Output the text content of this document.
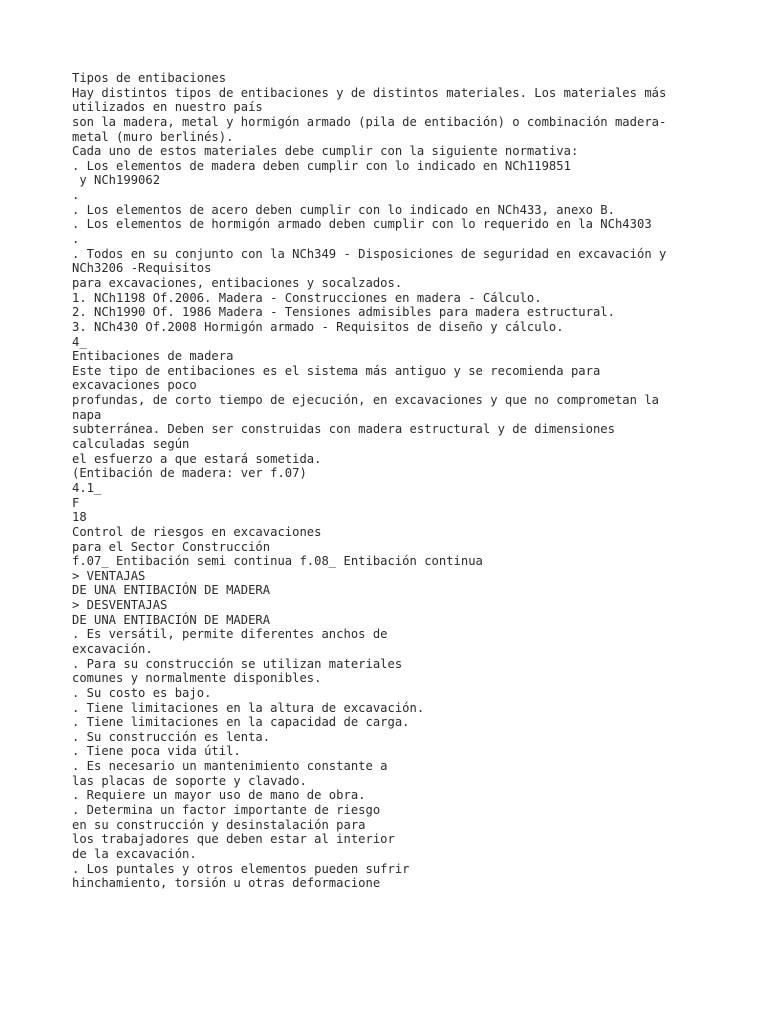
Tipos de entibaciones
Hay distintos tipos de entibaciones y de distintos materiales. Los materiales más
utilizados en nuestro país
son la madera, metal y hormigón armado (pila de entibación) o combinación madera-
metal (muro berlinés).
Cada uno de estos materiales debe cumplir con la siguiente normativa:
. Los elementos de madera deben cumplir con lo indicado en NCh119851
y NCh199062
.
. Los elementos de acero deben cumplir con lo indicado en NCh433, anexo B.
. Los elementos de hormigón armado deben cumplir con lo requerido en la NCh4303
.
. Todos en su conjunto con la NCh349 - Disposiciones de seguridad en excavación y
NCh3206 -Requisitos
para excavaciones, entibaciones y socalzados.
1. NCh1198 Of.2006. Madera - Construcciones en madera - Cálculo.
2. NCh1990 Of. 1986 Madera - Tensiones admisibles para madera estructural.
3. NCh430 Of.2008 Hormigón armado - Requisitos de diseño y cálculo.
4_
Entibaciones de madera
Este tipo de entibaciones es el sistema más antiguo y se recomienda para
excavaciones poco
profundas, de corto tiempo de ejecución, en excavaciones y que no comprometan la
napa
subterránea. Deben ser construidas con madera estructural y de dimensiones
calculadas según
el esfuerzo a que estará sometida.
(Entibación de madera: ver f.07)
4.1_
F
18
Control de riesgos en excavaciones
para el Sector Construcción
f.07_ Entibación semi continua f.08_ Entibación continua
> VENTAJAS
DE UNA ENTIBACIÓN DE MADERA
> DESVENTAJAS
DE UNA ENTIBACIÓN DE MADERA
. Es versátil, permite diferentes anchos de
excavación.
. Para su construcción se utilizan materiales
comunes y normalmente disponibles.
. Su costo es bajo.
. Tiene limitaciones en la altura de excavación.
. Tiene limitaciones en la capacidad de carga.
. Su construcción es lenta.
. Tiene poca vida útil.
. Es necesario un mantenimiento constante a
las placas de soporte y clavado.
. Requiere un mayor uso de mano de obra.
. Determina un factor importante de riesgo
en su construcción y desinstalación para
los trabajadores que deben estar al interior
de la excavación.
. Los puntales y otros elementos pueden sufrir
hinchamiento, torsión u otras deformacione
